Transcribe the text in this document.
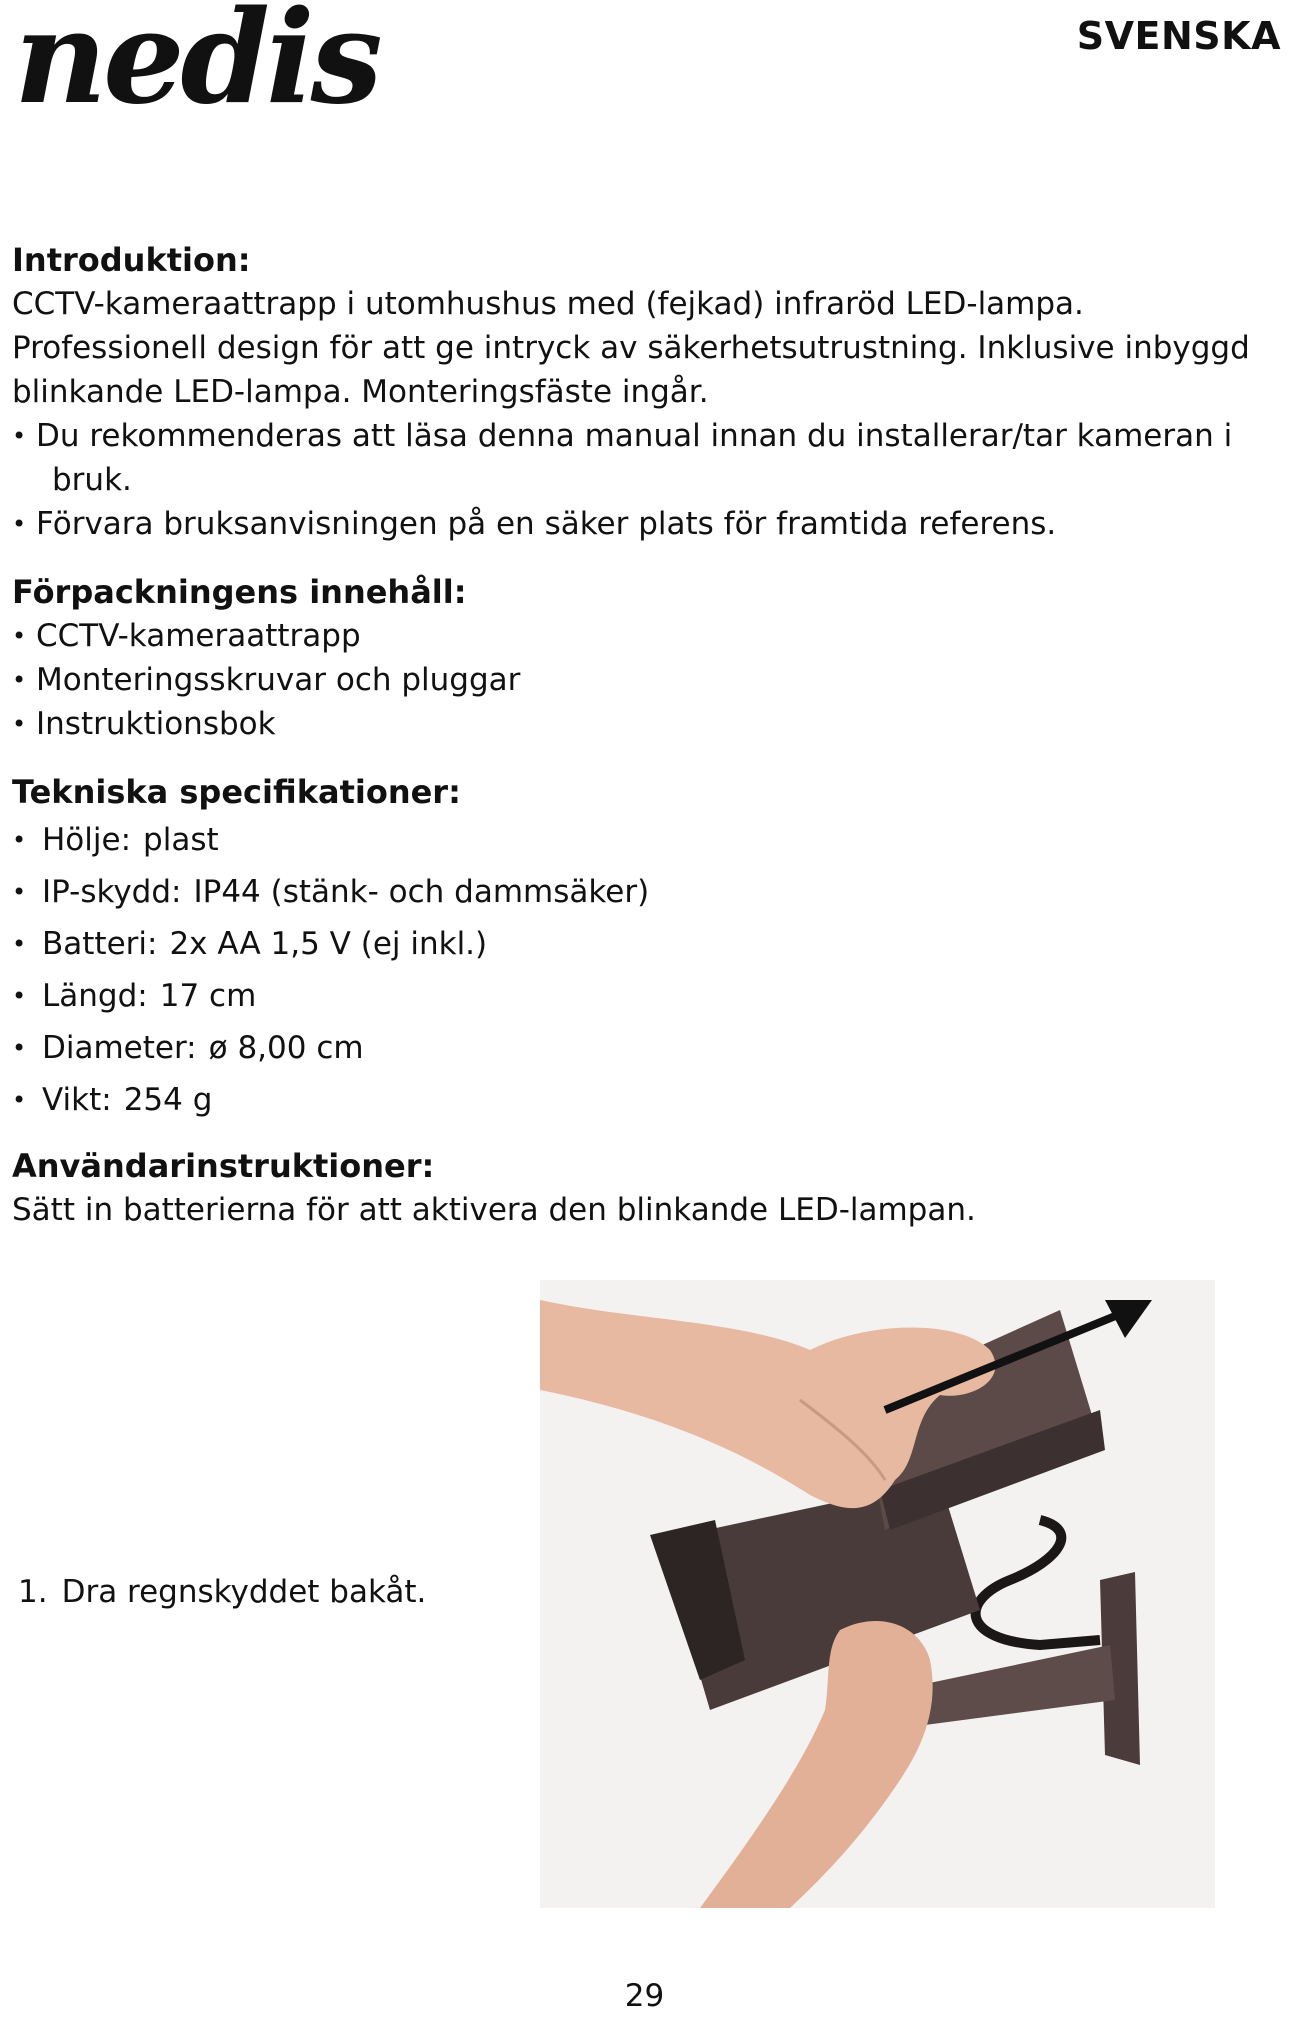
nedis	SVENSKA
Introduktion:

CCTV-kameraattrapp i utomhushus med (fejkad) infraröd LED-lampa.

Professionell design för att ge intryck av säkerhetsutrustning. Inklusive inbyggd

blinkande LED-lampa. Monteringsfäste ingår.

• Du rekommenderas att läsa denna manual innan du installerar/tar kameran i
bruk.
• Förvara bruksanvisningen på en säker plats för framtida referens.
Förpackningens innehåll:
• CCTV-kameraattrapp
• Monteringsskruvar och pluggar
• Instruktionsbok
Tekniska specifikationer:
• Hölje: plast
• IP-skydd: IP44 (stänk- och dammsäker)
• Batteri: 2x AA 1,5 V (ej inkl.)
• Längd: 17 cm
• Diameter: ø 8,00 cm
• Vikt: 254 g
Användarinstruktioner:

Sätt in batterierna för att aktivera den blinkande LED-lampan.

1. Dra regnskyddet bakåt.
29
